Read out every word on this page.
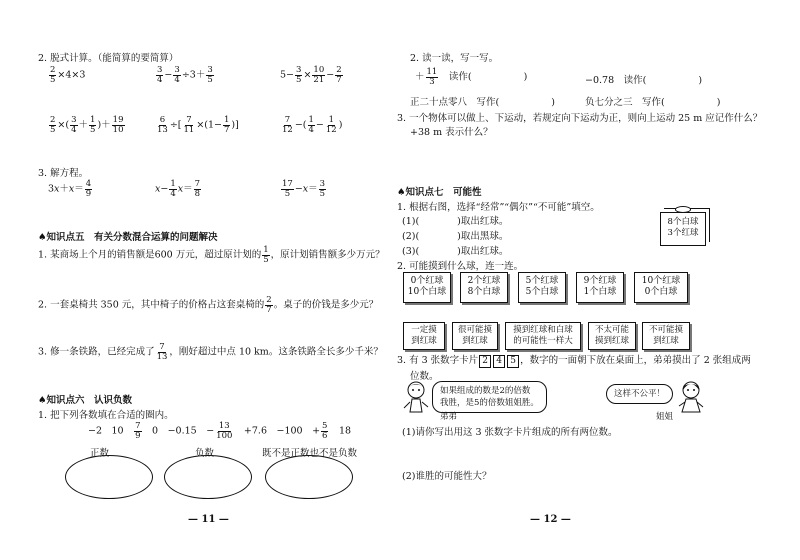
2. 脱式计算。（能简算的要简算）
$\frac{2}{5} \times 4\times 3$	$\frac{3}{4} - \frac{3}{4} \div 3+ \frac{3}{5}$	$5- \frac{3}{5} \times \frac{10}{21} - \frac{2}{7}$
$\frac{2}{5}$ ×( $\frac{3}{4} + \frac{1}{5}$ )＋ $\frac{19}{10}$	$\frac{6}{13}$ ÷[ $\frac{7}{11} \times(1- \frac{1}{7}$ )]	$\frac{7}{12}$ −( $\frac{1}{4} - \frac{1}{12}$ )
3. 解方程。
$3x+x= \frac{4}{9}$	$x- \frac{1}{4} x= \frac{7}{8}$	$\frac{17}{5} -x= \frac{3}{5}$
♠知识点五　有关分数混合运算的问题解决
1. 某商场上个月的销售额是600 万元，超过原计划的 $\frac{1}{5}$ ，原计划销售额多少万元？
2. 一套桌椅共 350 元，其中椅子的价格占这套桌椅的 $\frac{2}{7}$ 。桌子的价钱是多少元？
3. 修一条铁路，已经完成了 $\frac{7}{13}$ ，刚好超过中点 10 km。这条铁路全长多少千米？
♠知识点六　认识负数
1. 把下列各数填在合适的圈内。
−2　10　 $\frac{7}{9}$
　 0　−0.15　− $\frac{13}{100}$
　 +7.6　−100　+ $\frac{5}{6}$
　 18
正数	负数	既不是正数也不是负数
— 11 —
2. 读一读，写一写。
＋ $\frac{11}{3}$
　 读作(	)	−0.78　 读作(	)
正二十点零八　 写作(	)	负七分之三　 写作(	)
3. 一个物体可以做上、下运动，若规定向下运动为正，则向上运动 25 m 应记作什么？
+38 m 表示什么？
♠知识点七　可能性
1. 根据右图，选择“经常”“偶尔”“不可能”填空。
(1)(　　　　)取出红球。
(2)(　　　　)取出黑球。
(3)(　　　　)取出红球。
8个白球
3个红球
2. 可能摸到什么球，连一连。
0个红球
10个白球
2个红球
8个白球
5个红球
5个白球
9个红球
1个白球
10个红球
0个白球
一定摸
到红球
很可能摸
到红球
摸到红球和白球
的可能性一样大
不太可能
摸到红球
不可能摸
到红球
3. 有 3 张数字卡片 2 4 5 ，数字的一面朝下放在桌面上，弟弟摸出了 2 张组成两
位数。
如果组成的数是2的倍数
我胜，是5的倍数姐姐胜。
弟弟
这样不公平！
姐姐
(1)请你写出用这 3 张数字卡片组成的所有两位数。
(2)谁胜的可能性大？
— 12 —
